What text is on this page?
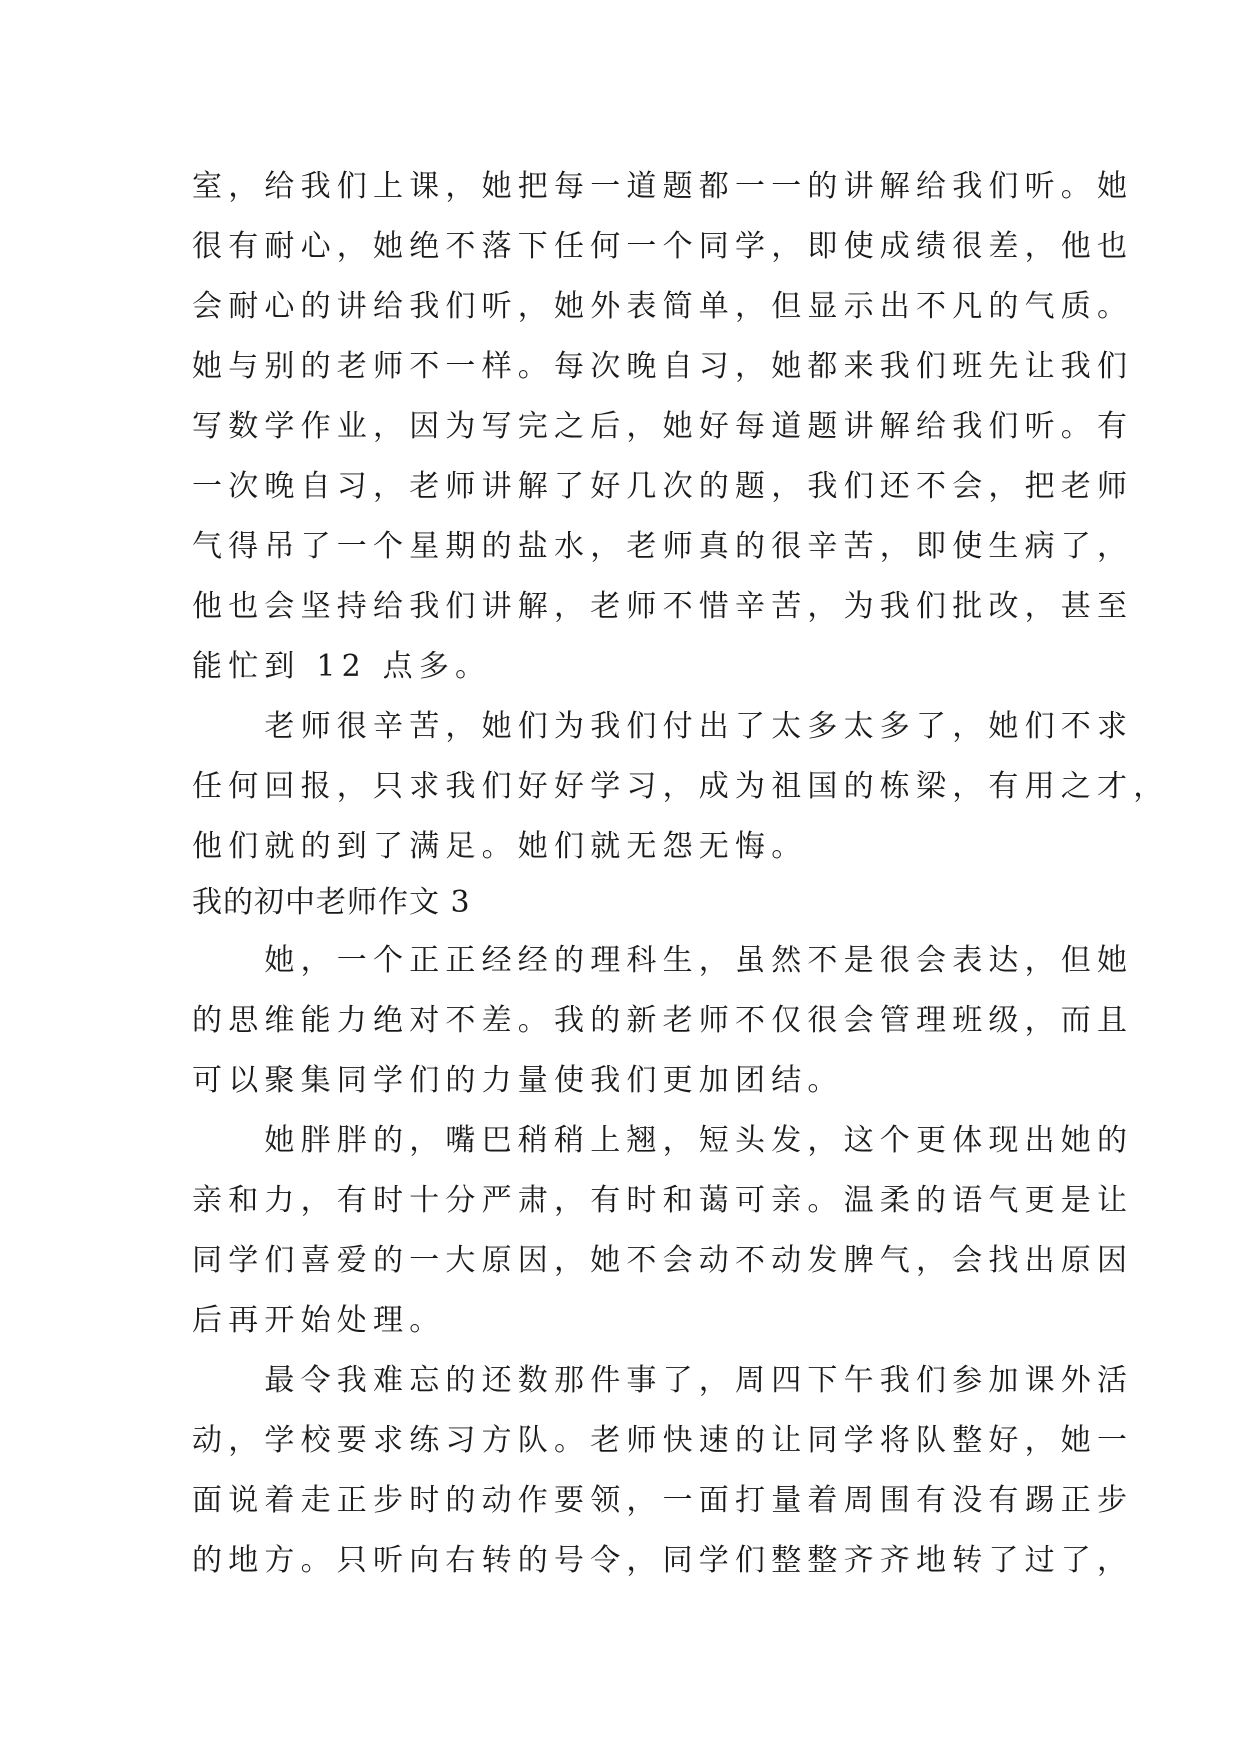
室，给我们上课，她把每一道题都一一的讲解给我们听。她
很有耐心，她绝不落下任何一个同学，即使成绩很差，他也
会耐心的讲给我们听，她外表简单，但显示出不凡的气质。
她与别的老师不一样。每次晚自习，她都来我们班先让我们
写数学作业，因为写完之后，她好每道题讲解给我们听。有
一次晚自习，老师讲解了好几次的题，我们还不会，把老师
气得吊了一个星期的盐水，老师真的很辛苦，即使生病了，
他也会坚持给我们讲解，老师不惜辛苦，为我们批改，甚至
能忙到 12 点多。
　　老师很辛苦，她们为我们付出了太多太多了，她们不求
任何回报，只求我们好好学习，成为祖国的栋梁，有用之才，
他们就的到了满足。她们就无怨无悔。
我的初中老师作文 3
　　她，一个正正经经的理科生，虽然不是很会表达，但她
的思维能力绝对不差。我的新老师不仅很会管理班级，而且
可以聚集同学们的力量使我们更加团结。
　　她胖胖的，嘴巴稍稍上翘，短头发，这个更体现出她的
亲和力，有时十分严肃，有时和蔼可亲。温柔的语气更是让
同学们喜爱的一大原因，她不会动不动发脾气，会找出原因
后再开始处理。
　　最令我难忘的还数那件事了，周四下午我们参加课外活
动，学校要求练习方队。老师快速的让同学将队整好，她一
面说着走正步时的动作要领，一面打量着周围有没有踢正步
的地方。只听向右转的号令，同学们整整齐齐地转了过了，
